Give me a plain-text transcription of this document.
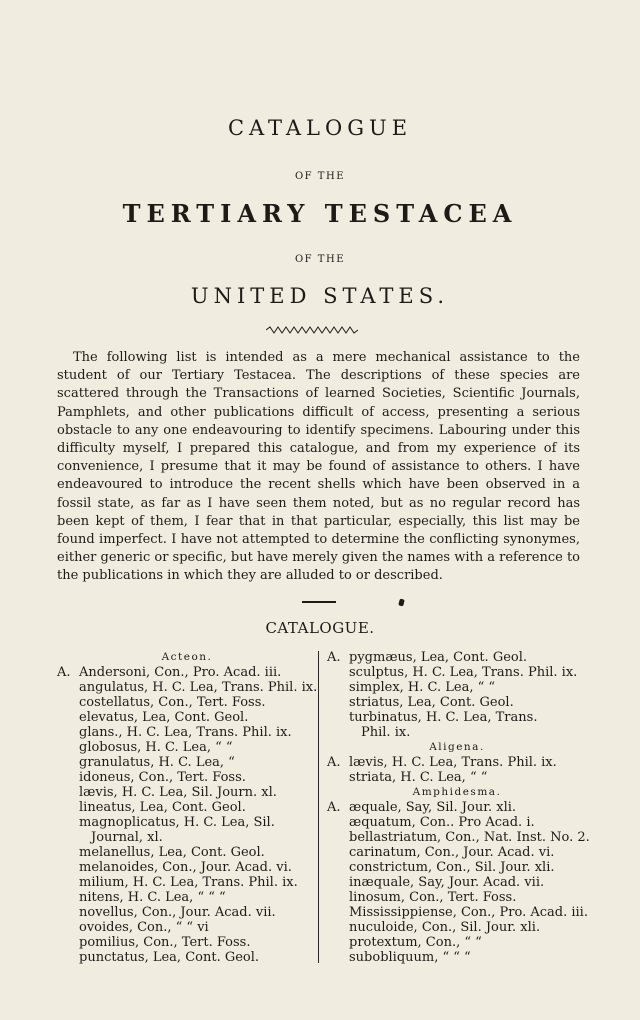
CATALOGUE
OF THE
TERTIARY TESTACEA
OF THE
UNITED STATES.

The following list is intended as a mere mechanical assistance to the student of our Tertiary Testacea. The descriptions of these species are scattered through the Transactions of learned Societies, Scientific Journals, Pamphlets, and other publications difficult of access, presenting a serious obstacle to any one endeavouring to identify specimens. Labouring under this difficulty myself, I prepared this catalogue, and from my experience of its convenience, I presume that it may be found of assistance to others. I have endeavoured to introduce the recent shells which have been observed in a fossil state, as far as I have seen them noted, but as no regular record has been kept of them, I fear that in that particular, especially, this list may be found imperfect. I have not attempted to determine the conflicting synonymes, either generic or specific, but have merely given the names with a reference to the publications in which they are alluded to or described.

CATALOGUE.
Acteon.
A. Andersoni, Con., Pro. Acad. iii.
angulatus, H. C. Lea, Trans. Phil. ix.
costellatus, Con., Tert. Foss.
elevatus, Lea, Cont. Geol.
glans., H. C. Lea, Trans. Phil. ix.
globosus, H. C. Lea, “ “
granulatus, H. C. Lea, “
idoneus, Con., Tert. Foss.
lævis, H. C. Lea, Sil. Journ. xl.
lineatus, Lea, Cont. Geol.
magnoplicatus, H. C. Lea, Sil.
Journal, xl.
melanellus, Lea, Cont. Geol.
melanoides, Con., Jour. Acad. vi.
milium, H. C. Lea, Trans. Phil. ix.
nitens, H. C. Lea, “ “ “
novellus, Con., Jour. Acad. vii.
ovoides, Con., “ “ vi
pomilius, Con., Tert. Foss.
punctatus, Lea, Cont. Geol.
A. pygmæus, Lea, Cont. Geol.
sculptus, H. C. Lea, Trans. Phil. ix.
simplex, H. C. Lea, “ “
striatus, Lea, Cont. Geol.
turbinatus, H. C. Lea, Trans.
Phil. ix.
Aligena.
A. lævis, H. C. Lea, Trans. Phil. ix.
striata, H. C. Lea, “ “
Amphidesma.
A. æquale, Say, Sil. Jour. xli.
æquatum, Con.. Pro Acad. i.
bellastriatum, Con., Nat. Inst. No. 2.
carinatum, Con., Jour. Acad. vi.
constrictum, Con., Sil. Jour. xli.
inæquale, Say, Jour. Acad. vii.
linosum, Con., Tert. Foss.
Mississippiense, Con., Pro. Acad. iii.
nuculoide, Con., Sil. Jour. xli.
protextum, Con., “ “
subobliquum, “ “ “
